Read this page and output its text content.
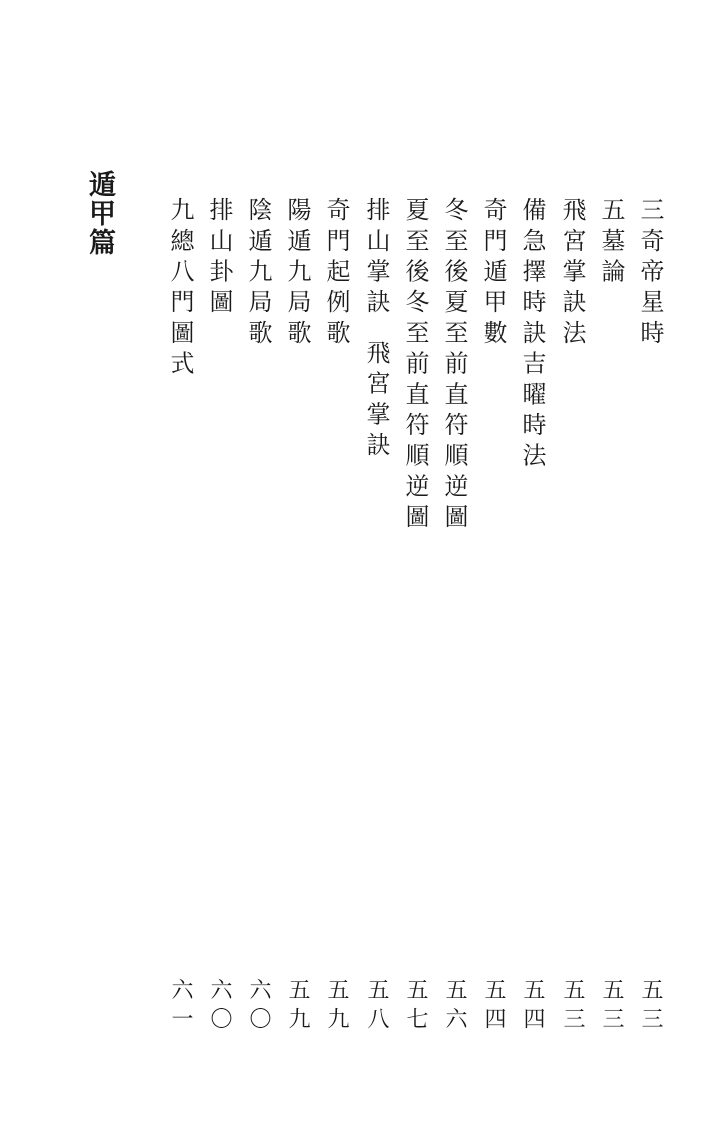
遁甲篇	三奇帝星時
五墓論
飛宮掌訣法
備急擇時訣吉曜時法
奇門遁甲數
冬至後夏至前直符順逆圖
夏至後冬至前直符順逆圖
排山掌訣飛宮掌訣
奇門起例歌
陽遁九局歌
陰遁九局歌
排山卦圖
九總八門圖式
五三
五三
五三
五四
五四
五六
五七
五八
五九
五九
六〇
六〇
六一
